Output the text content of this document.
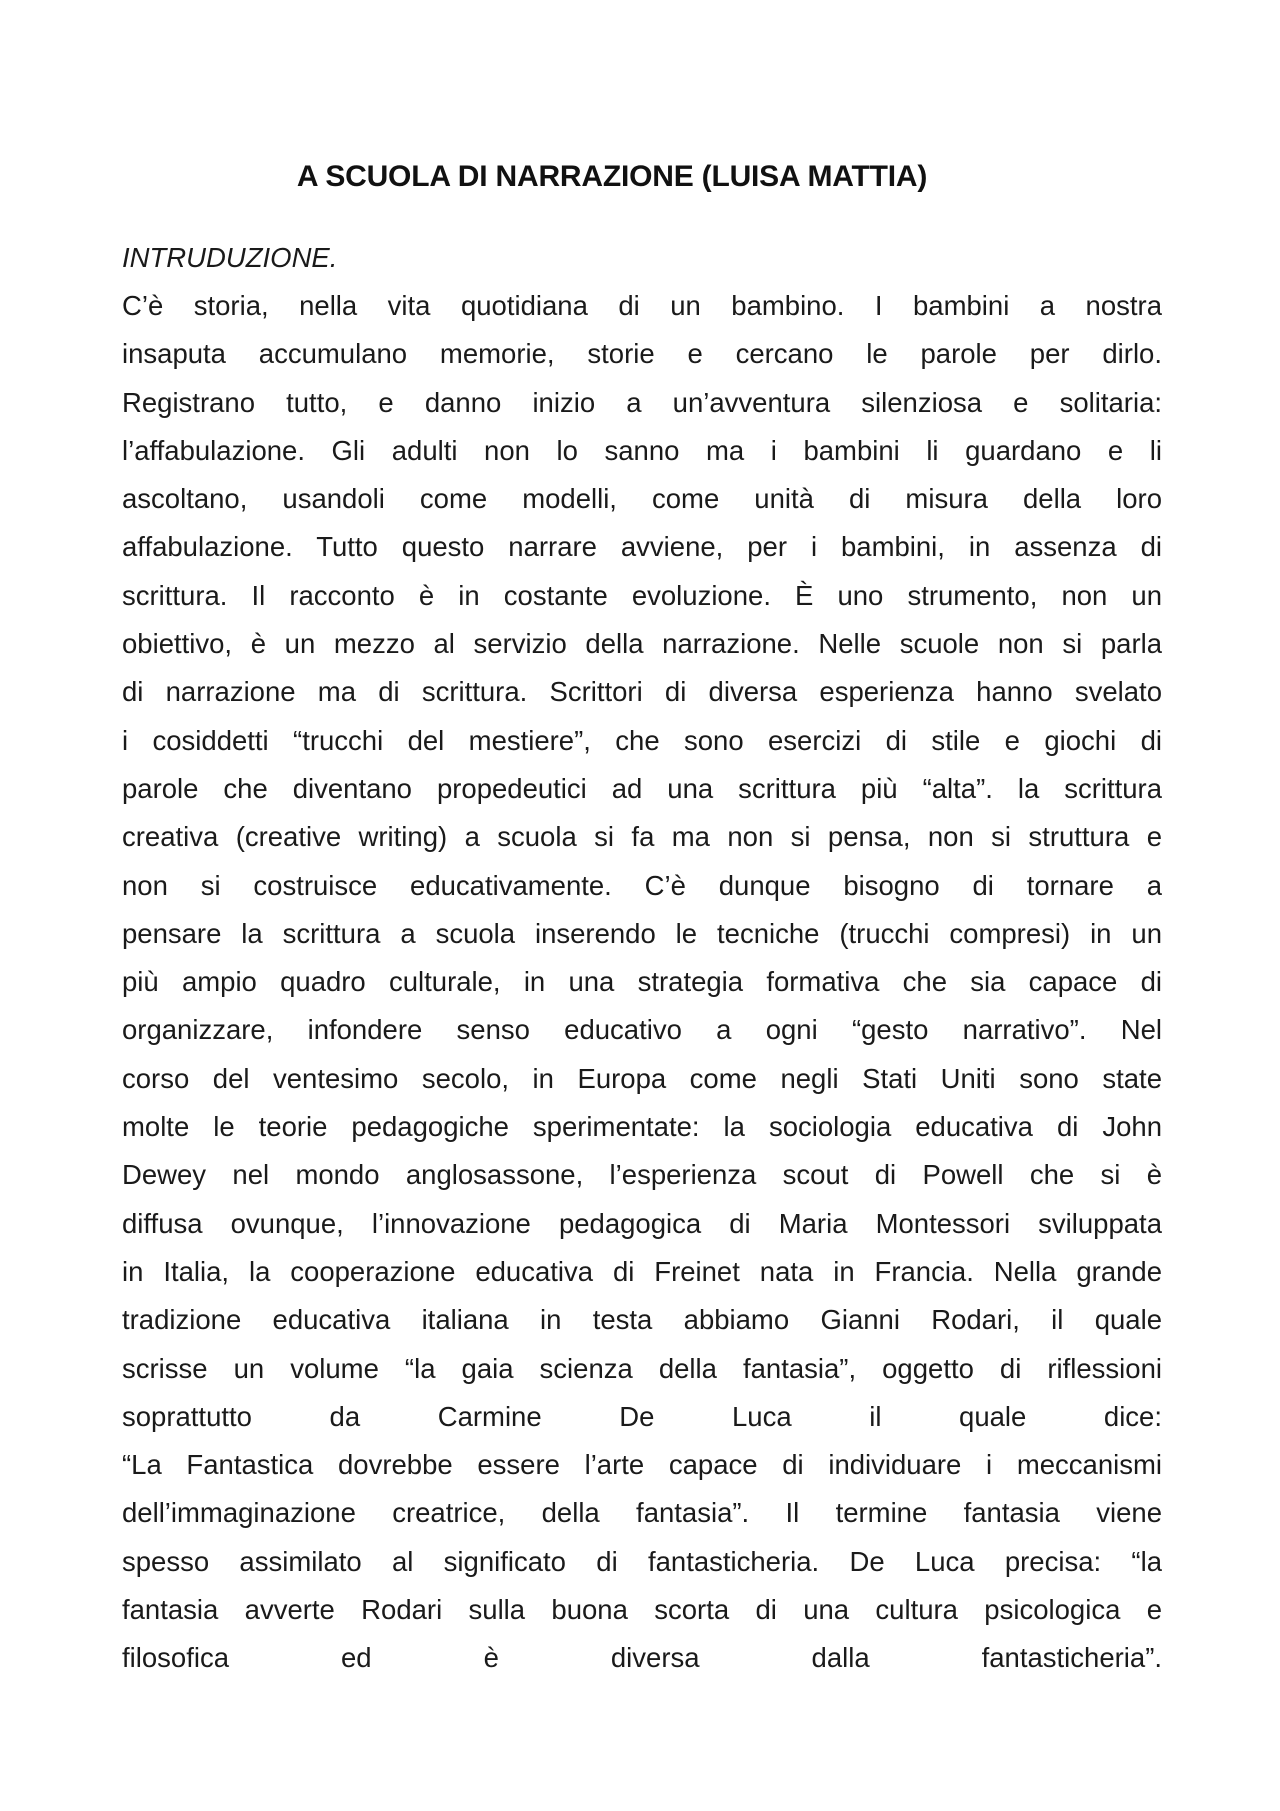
A SCUOLA DI NARRAZIONE (LUISA MATTIA)
INTRUDUZIONE.
C’è storia, nella vita quotidiana di un bambino. I bambini a nostra
insaputa accumulano memorie, storie e cercano le parole per dirlo.
Registrano tutto, e danno inizio a un’avventura silenziosa e solitaria:
l’affabulazione. Gli adulti non lo sanno ma i bambini li guardano e li
ascoltano, usandoli come modelli, come unità di misura della loro
affabulazione. Tutto questo narrare avviene, per i bambini, in assenza di
scrittura. Il racconto è in costante evoluzione. È uno strumento, non un
obiettivo, è un mezzo al servizio della narrazione. Nelle scuole non si parla
di narrazione ma di scrittura. Scrittori di diversa esperienza hanno svelato
i cosiddetti “trucchi del mestiere”, che sono esercizi di stile e giochi di
parole che diventano propedeutici ad una scrittura più “alta”. la scrittura
creativa (creative writing) a scuola si fa ma non si pensa, non si struttura e
non si costruisce educativamente. C’è dunque bisogno di tornare a
pensare la scrittura a scuola inserendo le tecniche (trucchi compresi) in un
più ampio quadro culturale, in una strategia formativa che sia capace di
organizzare, infondere senso educativo a ogni “gesto narrativo”. Nel
corso del ventesimo secolo, in Europa come negli Stati Uniti sono state
molte le teorie pedagogiche sperimentate: la sociologia educativa di John
Dewey nel mondo anglosassone, l’esperienza scout di Powell che si è
diffusa ovunque, l’innovazione pedagogica di Maria Montessori sviluppata
in Italia, la cooperazione educativa di Freinet nata in Francia. Nella grande
tradizione educativa italiana in testa abbiamo Gianni Rodari, il quale
scrisse un volume “la gaia scienza della fantasia”, oggetto di riflessioni
soprattutto da Carmine De Luca il quale dice:
“La Fantastica dovrebbe essere l’arte capace di individuare i meccanismi
dell’immaginazione creatrice, della fantasia”. Il termine fantasia viene
spesso assimilato al significato di fantasticheria. De Luca precisa: “la
fantasia avverte Rodari sulla buona scorta di una cultura psicologica e
filosofica ed è diversa dalla fantasticheria”.
